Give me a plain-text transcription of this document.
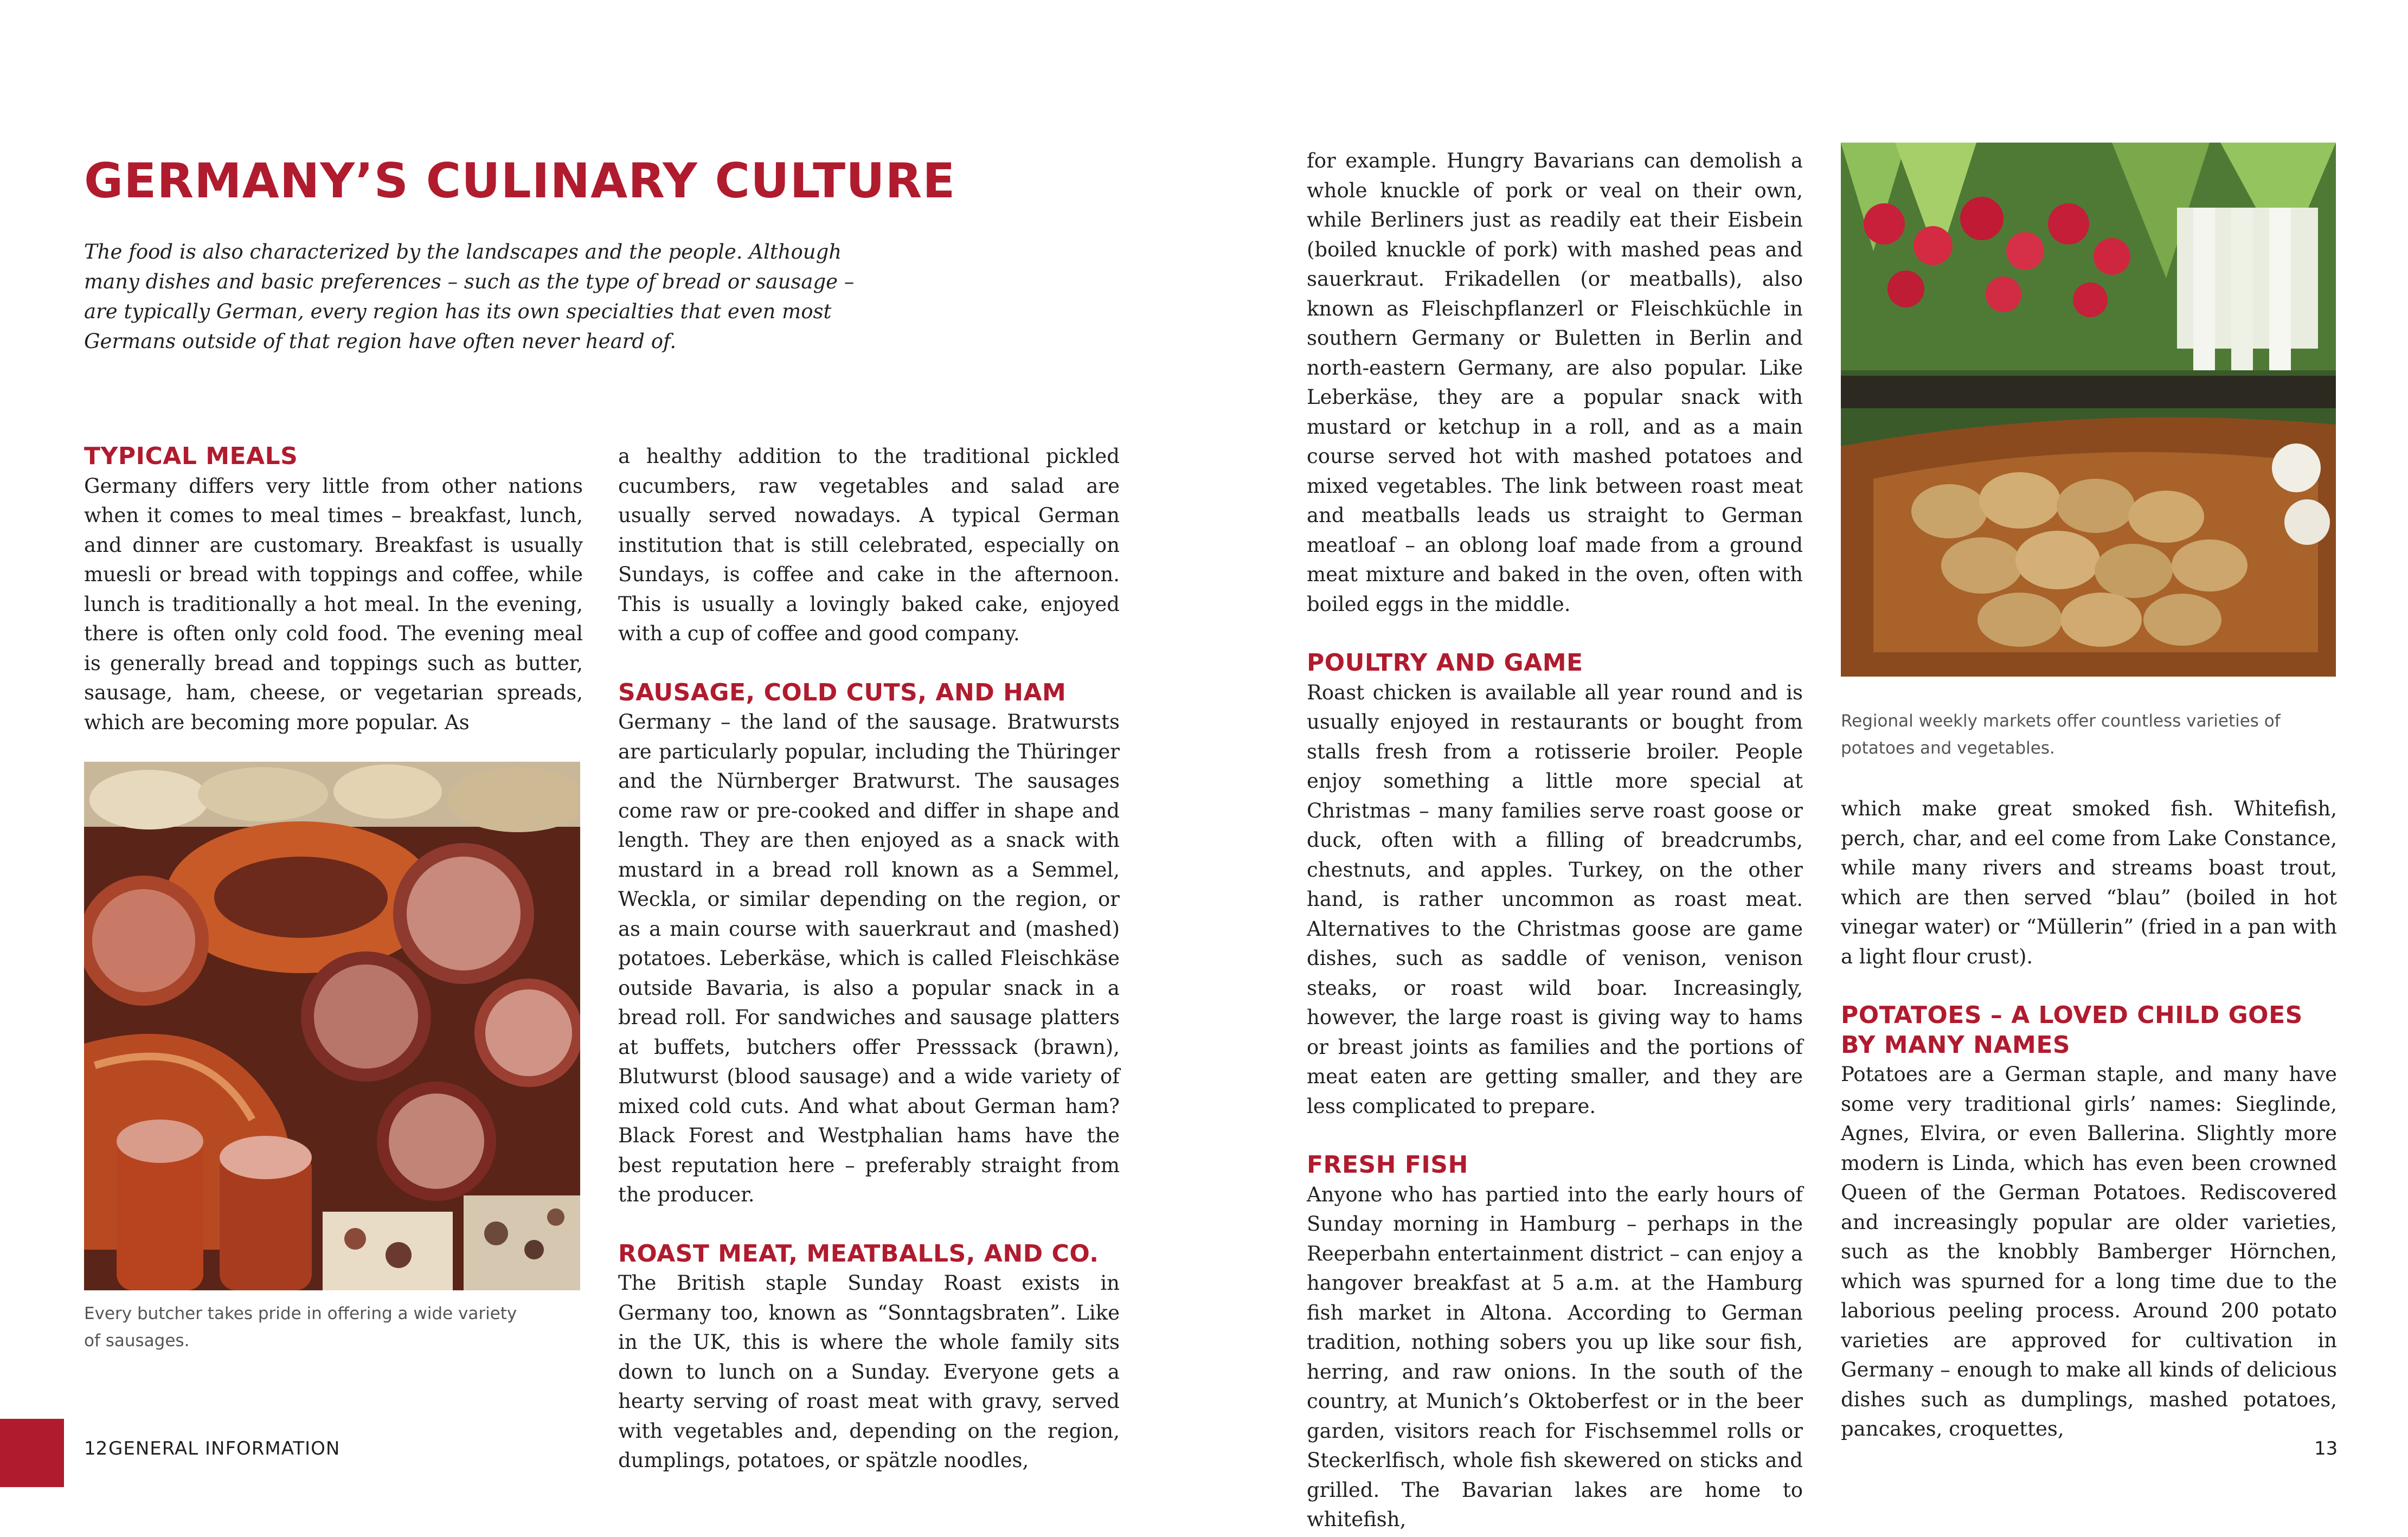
GERMANY’S CULINARY CULTURE
The food is also characterized by the landscapes and the people. Although many dishes and basic preferences – such as the type of bread or sausage – are typically German, every region has its own specialties that even most Germans outside of that region have often never heard of.
TYPICAL MEALS

Germany differs very little from other nations when it comes to meal times – breakfast, lunch, and dinner are customary. Breakfast is usually muesli or bread with toppings and coffee, while lunch is traditionally a hot meal. In the evening, there is often only cold food. The evening meal is generally bread and toppings such as butter, sausage, ham, cheese, or vegetarian spreads, which are becoming more popular. As

Every butcher takes pride in offering a wide variety of sausages.

a healthy addition to the traditional pickled cucumbers, raw vegetables and salad are usually served nowadays. A typical German institution that is still celebrated, especially on Sundays, is coffee and cake in the afternoon. This is usually a lovingly baked cake, enjoyed with a cup of coffee and good company.

SAUSAGE, COLD CUTS, AND HAM

Germany – the land of the sausage. Bratwursts are particularly popular, including the Thüringer and the Nürnberger Bratwurst. The sausages come raw or pre-cooked and differ in shape and length. They are then enjoyed as a snack with mustard in a bread roll known as a Semmel, Weckla, or similar depending on the region, or as a main course with sauerkraut and (mashed) potatoes. Leberkäse, which is called Fleischkäse outside Bavaria, is also a popular snack in a bread roll. For sandwiches and sausage platters at buffets, butchers offer Presssack (brawn), Blutwurst (blood sausage) and a wide variety of mixed cold cuts. And what about German ham? Black Forest and Westphalian hams have the best reputation here – preferably straight from the producer.

ROAST MEAT, MEATBALLS, AND CO.

The British staple Sunday Roast exists in Germany too, known as “Sonntagsbraten”. Like in the UK, this is where the whole family sits down to lunch on a Sunday. Everyone gets a hearty serving of roast meat with gravy, served with vegetables and, depending on the region, dumplings, potatoes, or spätzle noodles,

for example. Hungry Bavarians can demolish a whole knuckle of pork or veal on their own, while Berliners just as readily eat their Eisbein (boiled knuckle of pork) with mashed peas and sauerkraut. Frikadellen (or meatballs), also known as Fleischpflanzerl or Fleischküchle in southern Germany or Buletten in Berlin and north-eastern Germany, are also popular. Like Leberkäse, they are a popular snack with mustard or ketchup in a roll, and as a main course served hot with mashed potatoes and mixed vegetables. The link between roast meat and meatballs leads us straight to German meatloaf – an oblong loaf made from a ground meat mixture and baked in the oven, often with boiled eggs in the middle.

POULTRY AND GAME

Roast chicken is available all year round and is usually enjoyed in restaurants or bought from stalls fresh from a rotisserie broiler. People enjoy something a little more special at Christmas – many families serve roast goose or duck, often with a filling of breadcrumbs, chestnuts, and apples. Turkey, on the other hand, is rather uncommon as roast meat. Alternatives to the Christmas goose are game dishes, such as saddle of venison, venison steaks, or roast wild boar. Increasingly, however, the large roast is giving way to hams or breast joints as families and the portions of meat eaten are getting smaller, and they are less complicated to prepare.

FRESH FISH

Anyone who has partied into the early hours of Sunday morning in Hamburg – perhaps in the Reeperbahn entertainment district – can enjoy a hangover breakfast at 5 a.m. at the Hamburg fish market in Altona. According to German tradition, nothing sobers you up like sour fish, herring, and raw onions. In the south of the country, at Munich’s Oktoberfest or in the beer garden, visitors reach for Fischsemmel rolls or Steckerlfisch, whole fish skewered on sticks and grilled. The Bavarian lakes are home to whitefish,

Regional weekly markets offer countless varieties of potatoes and vegetables.

which make great smoked fish. Whitefish, perch, char, and eel come from Lake Constance, while many rivers and streams boast trout, which are then served “blau” (boiled in hot vinegar water) or “Müllerin” (fried in a pan with a light flour crust).

POTATOES – A LOVED CHILD GOES BY MANY NAMES

Potatoes are a German staple, and many have some very traditional girls’ names: Sieglinde, Agnes, Elvira, or even Ballerina. Slightly more modern is Linda, which has even been crowned Queen of the German Potatoes. Rediscovered and increasingly popular are older varieties, such as the knobbly Bamberger Hörnchen, which was spurned for a long time due to the laborious peeling process. Around 200 potato varieties are approved for cultivation in Germany – enough to make all kinds of delicious dishes such as dumplings, mashed potatoes, pancakes, croquettes,

12 GENERAL INFORMATION	13
